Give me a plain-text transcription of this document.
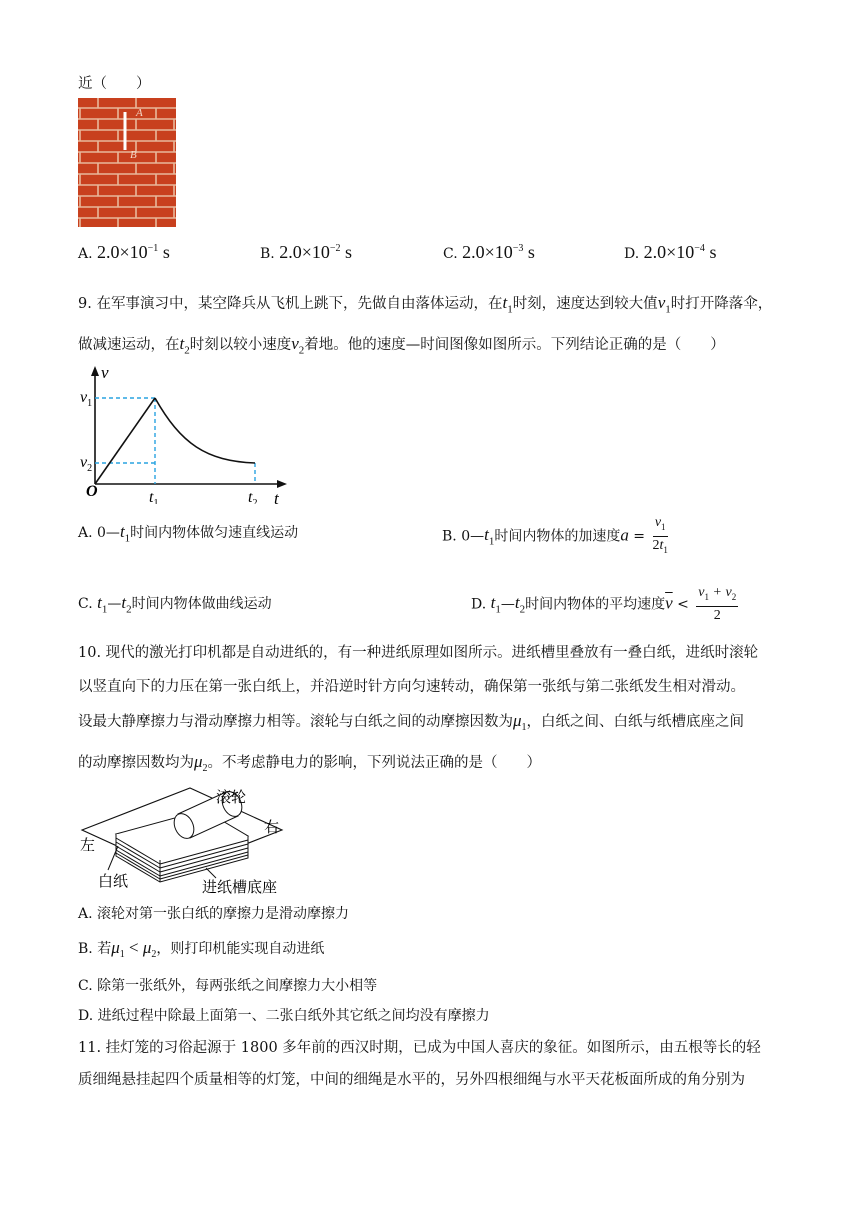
近（　　）
A
B
A. $2.0\times 10^{-1}$ s	B. $2.0\times 10^{-2}$ s	C. $2.0\times 10^{-3}$ s	D. $2.0\times 10^{-4}$ s
9. 在军事演习中，某空降兵从飞机上跳下，先做自由落体运动，在$t_1$时刻，速度达到较大值$v_1$时打开降落伞，
做减速运动，在$t_2$时刻以较小速度$v_2$着地。他的速度—时间图像如图所示。下列结论正确的是（　　）
v
t
O
$v_1$
$v_2$
$t_1$	$t_2$
A. $0—t_1$时间内物体做匀速直线运动	B. $0—t_1$时间内物体的加速度$a = \frac{v_1}{2t_1}$
C. $t_1—t_2$时间内物体做曲线运动	D. $t_1—t_2$时间内物体的平均速度$\overline{v} < \frac{v_1 + v_2}{2}$
10. 现代的激光打印机都是自动进纸的，有一种进纸原理如图所示。进纸槽里叠放有一叠白纸，进纸时滚轮
以竖直向下的力压在第一张白纸上，并沿逆时针方向匀速转动，确保第一张纸与第二张纸发生相对滑动。
设最大静摩擦力与滑动摩擦力相等。滚轮与白纸之间的动摩擦因数为$\mu_1$，白纸之间、白纸与纸槽底座之间
的动摩擦因数均为$\mu_2$。不考虑静电力的影响，下列说法正确的是（　　）
滚轮
右
左
白纸	进纸槽底座
A. 滚轮对第一张白纸的摩擦力是滑动摩擦力
B. 若$\mu_1 < \mu_2$，则打印机能实现自动进纸
C. 除第一张纸外，每两张纸之间摩擦力大小相等
D. 进纸过程中除最上面第一、二张白纸外其它纸之间均没有摩擦力
11. 挂灯笼的习俗起源于 1800 多年前的西汉时期，已成为中国人喜庆的象征。如图所示，由五根等长的轻
质细绳悬挂起四个质量相等的灯笼，中间的细绳是水平的，另外四根细绳与水平天花板面所成的角分别为
